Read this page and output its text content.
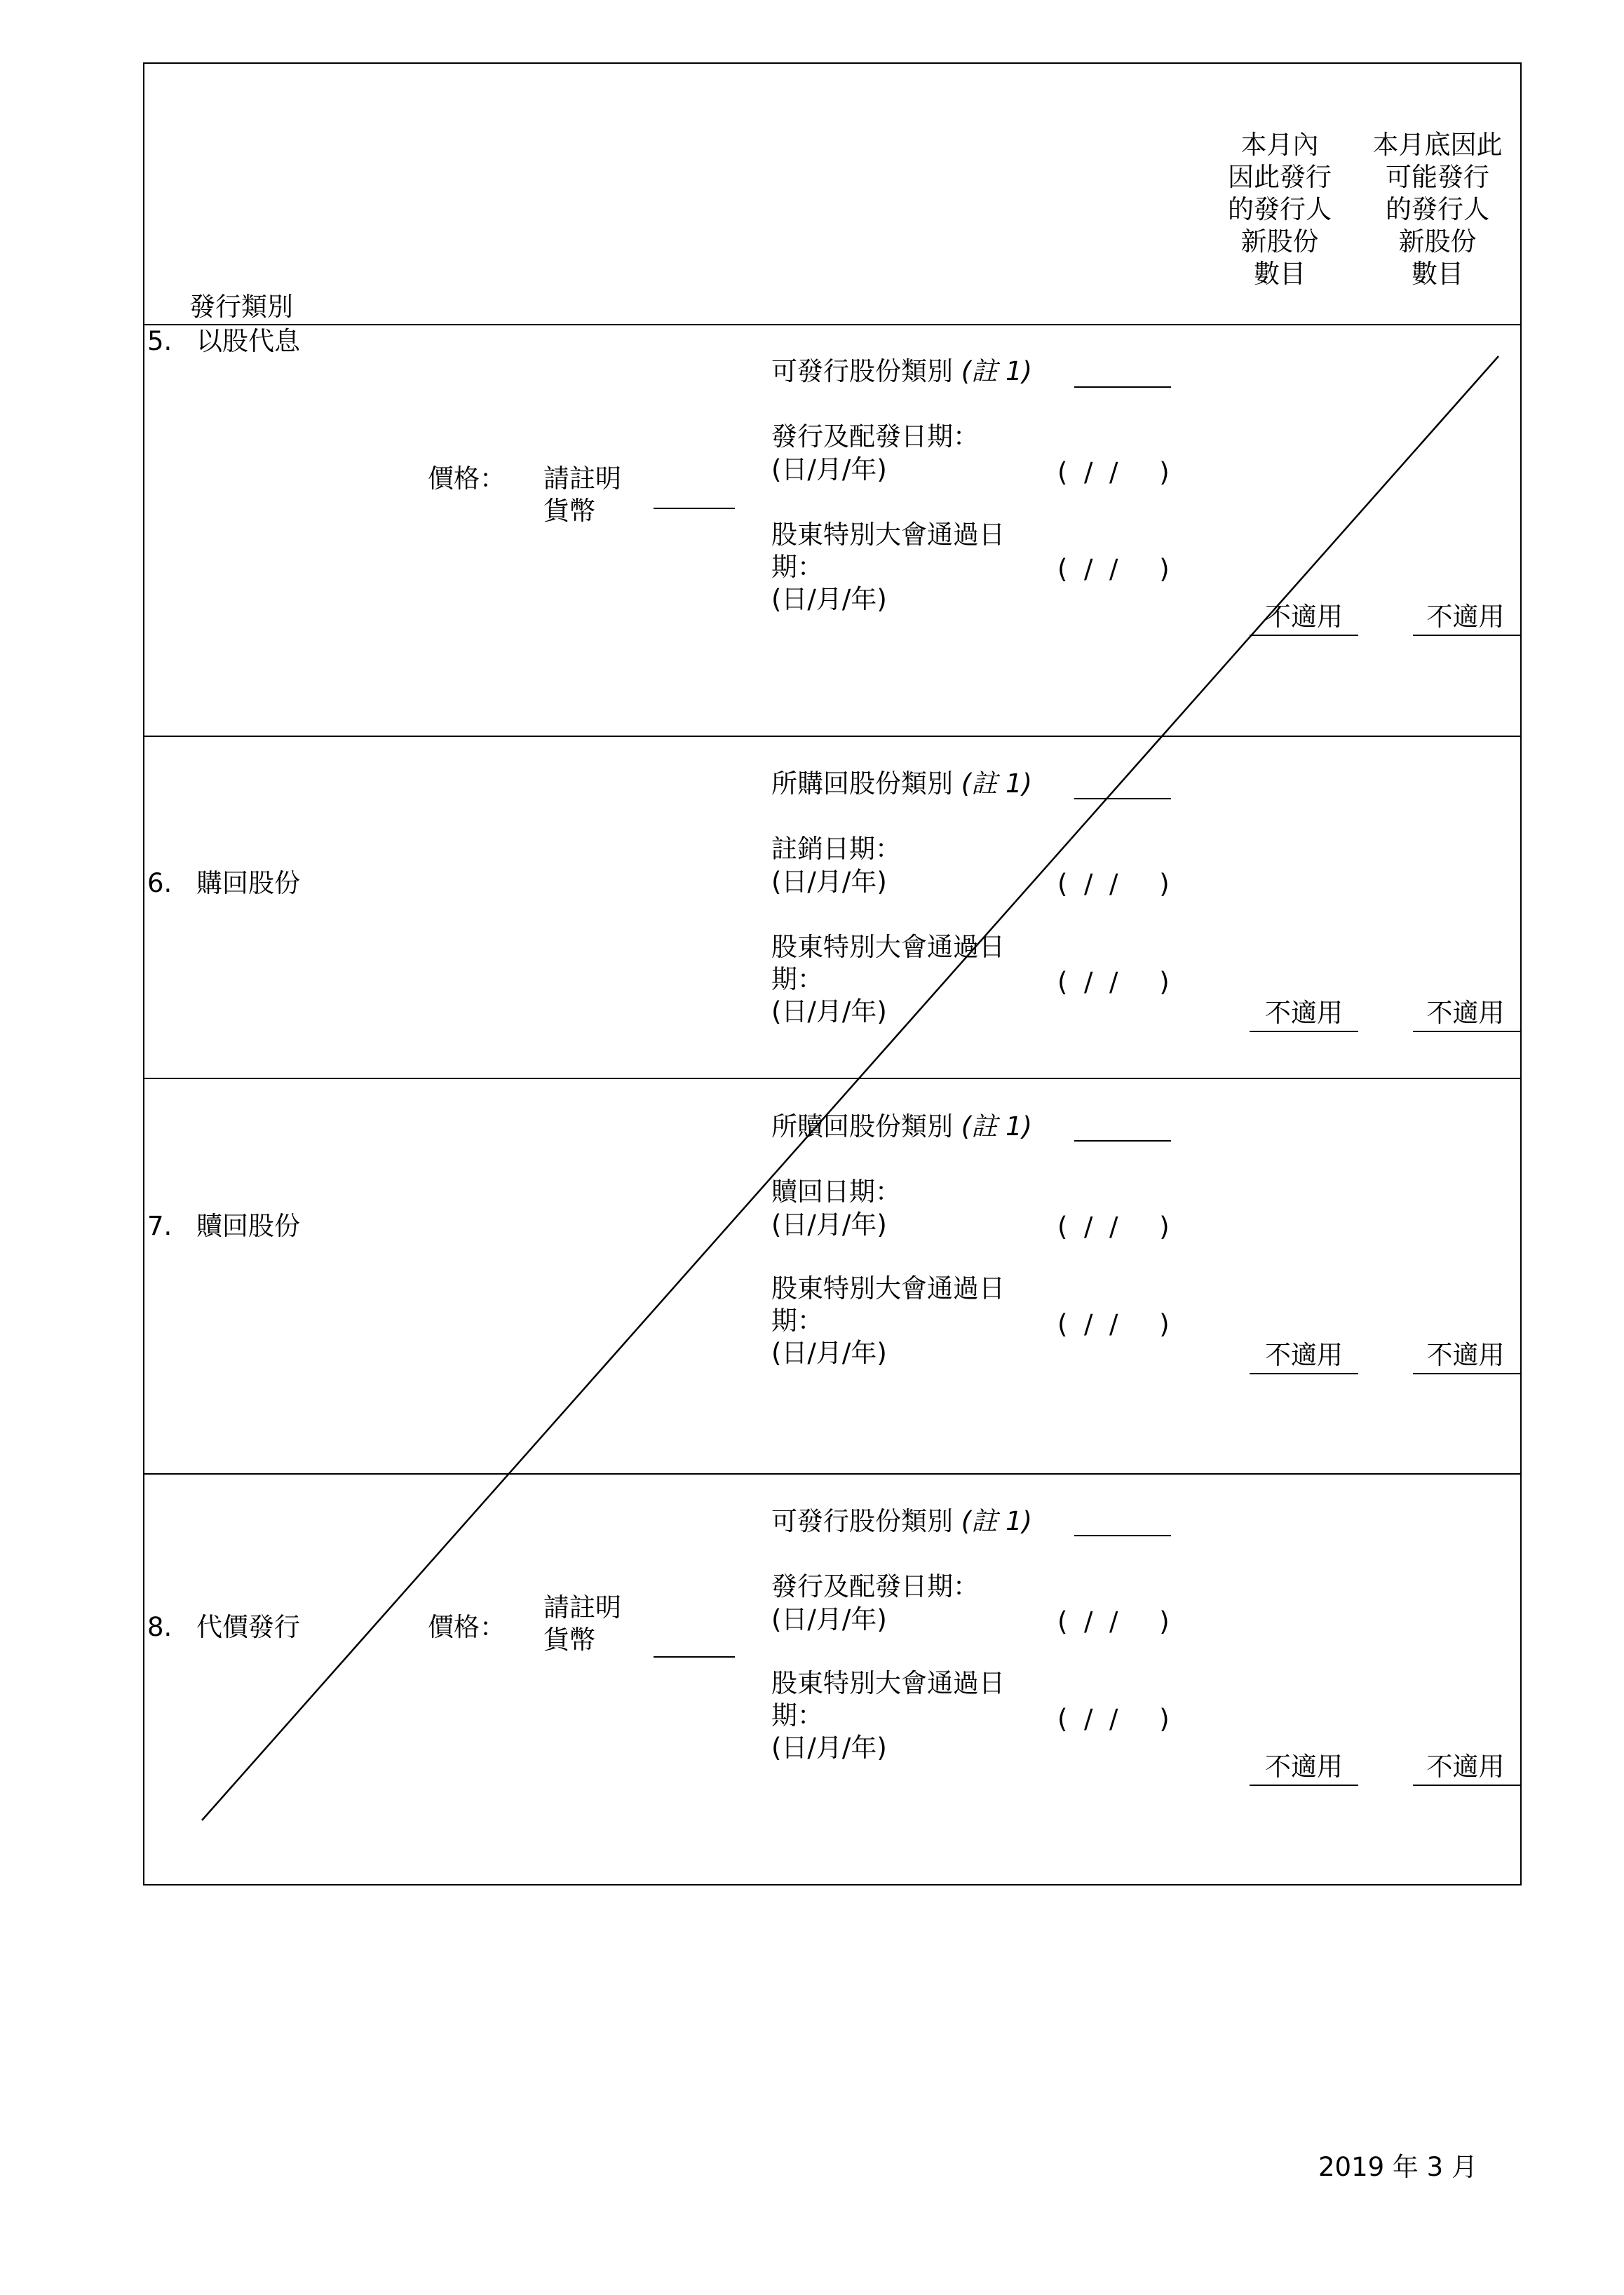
發行類別
本月內
因此發行
的發行人
新股份
數目
本月底因此
可能發行
的發行人
新股份
數目
5. 以股代息
價格： 請註明
貨幣
可發行股份類別 (註 1)
發行及配發日期：
(日/月/年)	(  /  /     )
股東特別大會通過日
期：
(日/月/年)
(  /  /     )
不適用	不適用
6. 購回股份
所購回股份類別 (註 1)
註銷日期：
(日/月/年)	(  /  /     )
股東特別大會通過日
期：
(日/月/年)
(  /  /     )
不適用	不適用
7. 贖回股份
所贖回股份類別 (註 1)
贖回日期：
(日/月/年)	(  /  /     )
股東特別大會通過日
期：
(日/月/年)
(  /  /     )
不適用	不適用
8. 代價發行	價格：
請註明
貨幣
可發行股份類別 (註 1)
發行及配發日期：
(日/月/年)	(  /  /     )
股東特別大會通過日
期：
(日/月/年)
(  /  /     )
不適用	不適用
2019 年 3 月
